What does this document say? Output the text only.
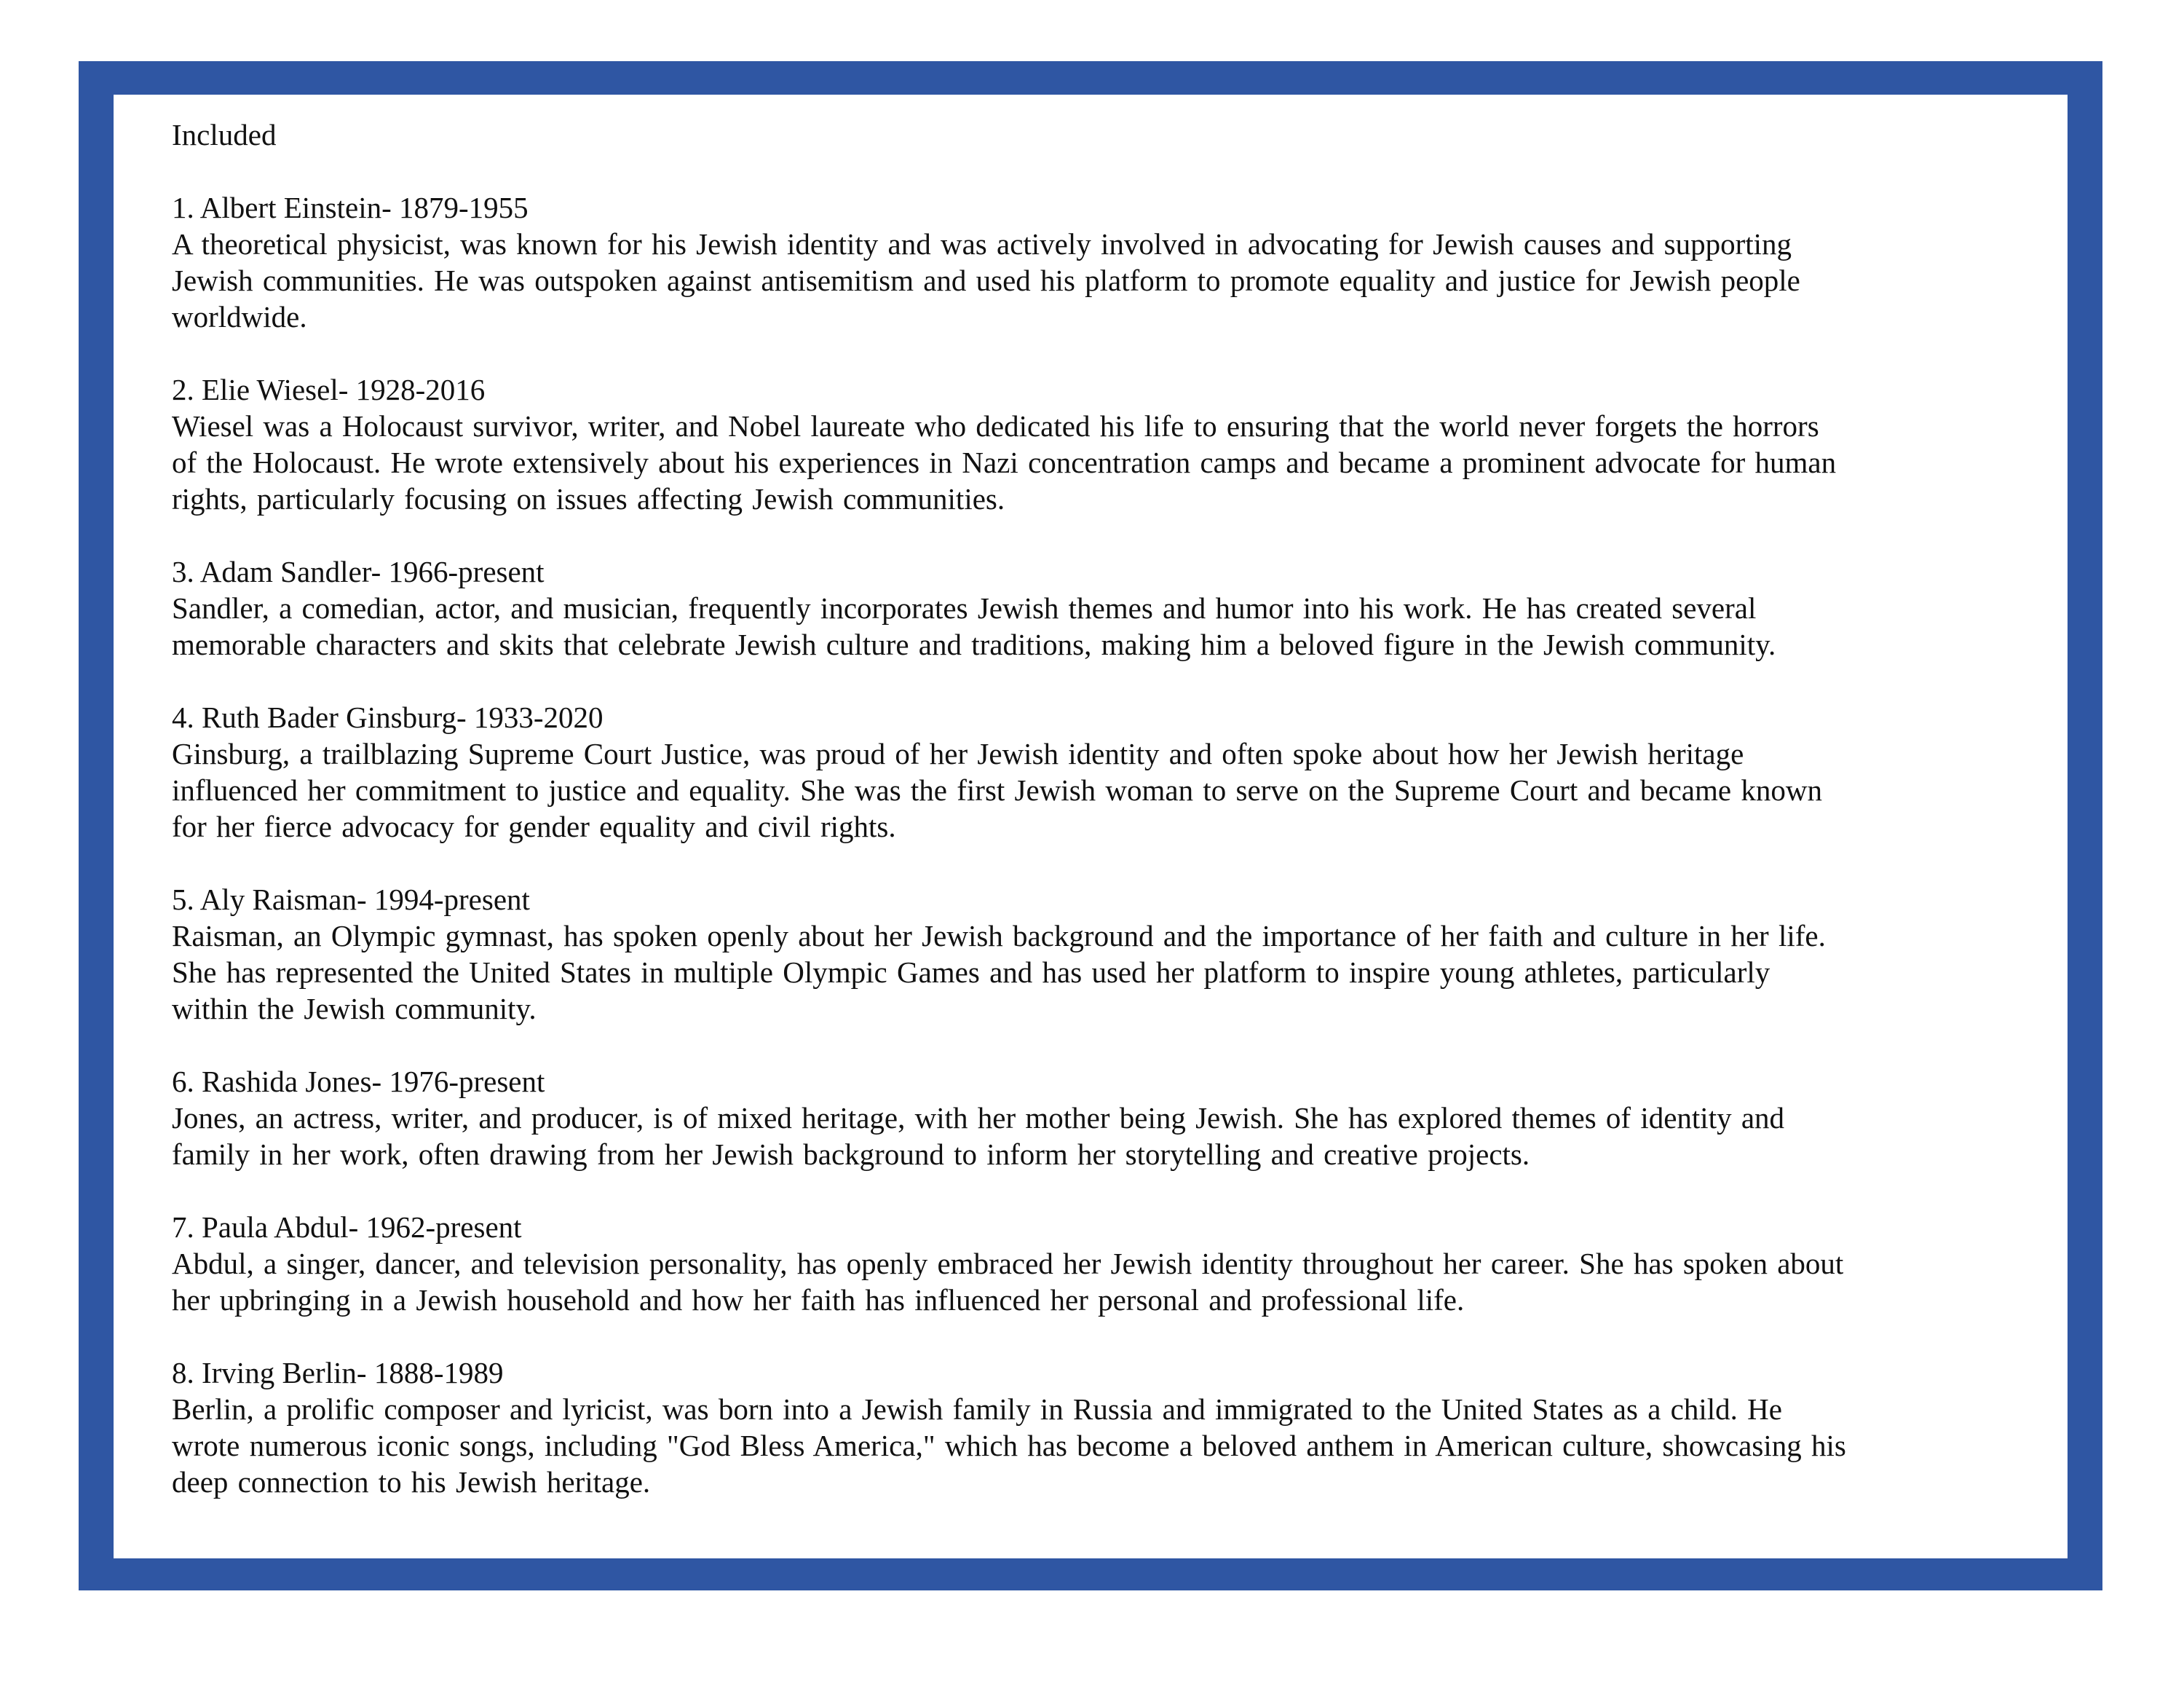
Included
1. Albert Einstein- 1879-1955
A theoretical physicist, was known for his Jewish identity and was actively involved in advocating for Jewish causes and supporting
Jewish communities. He was outspoken against antisemitism and used his platform to promote equality and justice for Jewish people
worldwide.
2. Elie Wiesel- 1928-2016
Wiesel was a Holocaust survivor, writer, and Nobel laureate who dedicated his life to ensuring that the world never forgets the horrors
of the Holocaust. He wrote extensively about his experiences in Nazi concentration camps and became a prominent advocate for human
rights, particularly focusing on issues affecting Jewish communities.
3. Adam Sandler- 1966-present
Sandler, a comedian, actor, and musician, frequently incorporates Jewish themes and humor into his work. He has created several
memorable characters and skits that celebrate Jewish culture and traditions, making him a beloved figure in the Jewish community.
4. Ruth Bader Ginsburg- 1933-2020
Ginsburg, a trailblazing Supreme Court Justice, was proud of her Jewish identity and often spoke about how her Jewish heritage
influenced her commitment to justice and equality. She was the first Jewish woman to serve on the Supreme Court and became known
for her fierce advocacy for gender equality and civil rights.
5. Aly Raisman- 1994-present
Raisman, an Olympic gymnast, has spoken openly about her Jewish background and the importance of her faith and culture in her life.
She has represented the United States in multiple Olympic Games and has used her platform to inspire young athletes, particularly
within the Jewish community.
6. Rashida Jones- 1976-present
Jones, an actress, writer, and producer, is of mixed heritage, with her mother being Jewish. She has explored themes of identity and
family in her work, often drawing from her Jewish background to inform her storytelling and creative projects.
7. Paula Abdul- 1962-present
Abdul, a singer, dancer, and television personality, has openly embraced her Jewish identity throughout her career. She has spoken about
her upbringing in a Jewish household and how her faith has influenced her personal and professional life.
8. Irving Berlin- 1888-1989
Berlin, a prolific composer and lyricist, was born into a Jewish family in Russia and immigrated to the United States as a child. He
wrote numerous iconic songs, including "God Bless America," which has become a beloved anthem in American culture, showcasing his
deep connection to his Jewish heritage.
